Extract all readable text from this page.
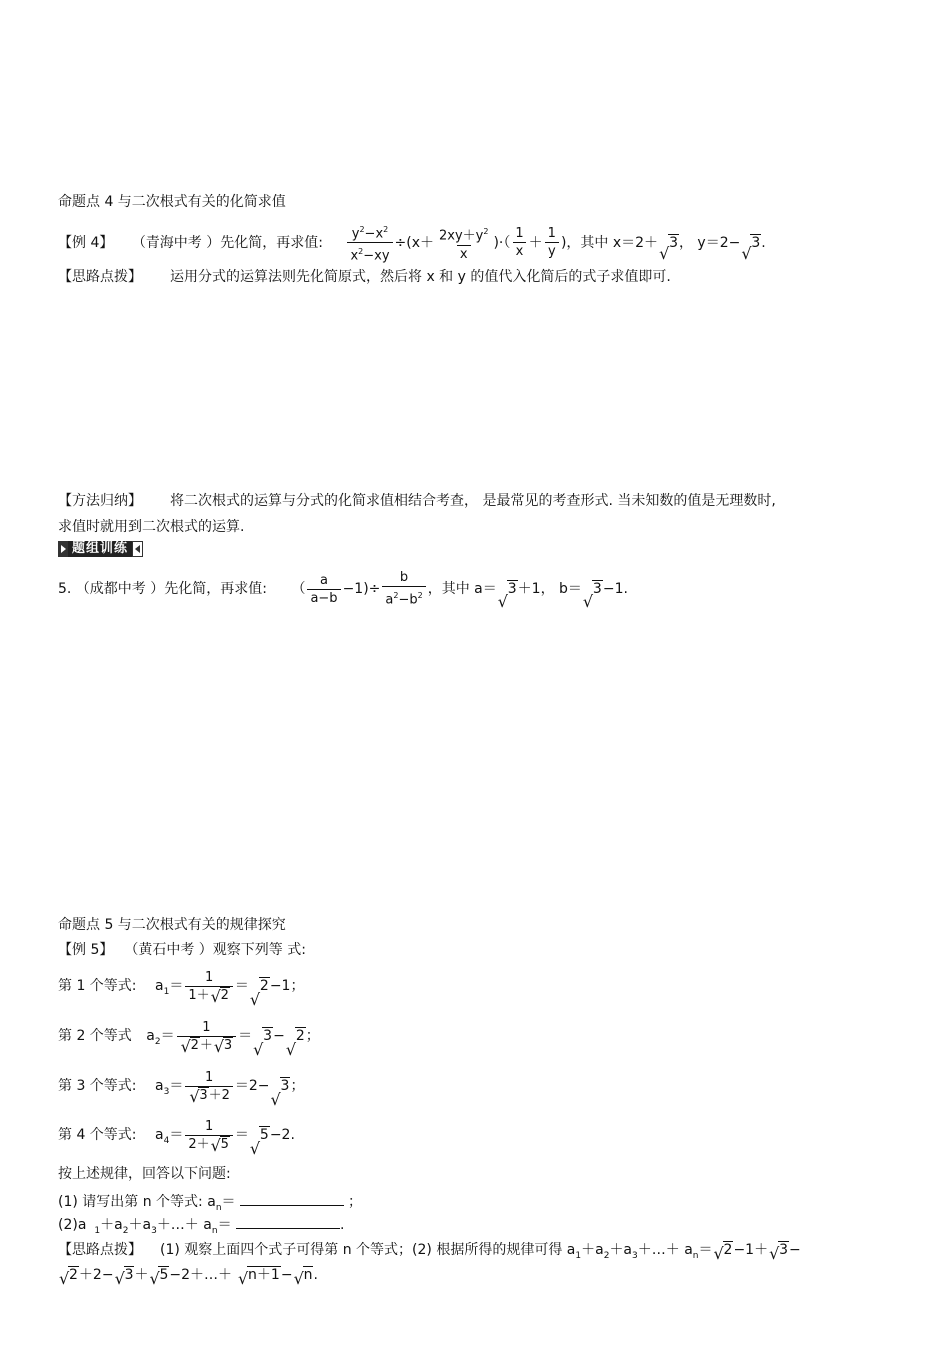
命题点 4 与二次根式有关的化简求值
【例 4】 （青海中考 ）先化简，再求值: $\frac{y^2-x^2}{x^2-xy} \div(x+ \frac{2xy+y^2}{x}$ )·（ $\frac{1}{x} + \frac{1}{y}$ )，其中 x＝2＋
√
3， y＝2−
√
3.
【思路点拨】 运用分式的运算法则先化简原式，然后将 x 和 y 的值代入化简后的式子求值即可.
【方法归纳】 将二次根式的运算与分式的化简求值相结合考查， 是最常见的考查形式. 当未知数的值是无理数时,
求值时就用到二次根式的运算.
题组训练
5. （成都中考 ）先化简，再求值: （ $\frac{a}{a-b} -1)\div \frac{b}{a^2-b^2}$ ，其中 a＝
√
3＋1， b＝
√
3−1.
命题点 5 与二次根式有关的规律探究
【例 5】 （黄石中考 ）观察下列等 式:
第 1 个等式: $a_1= \frac{1}{1+ √ 2}$ ＝
√
2−1；
第 2 个等式 $a_2= \frac{1}{√ 2+ √ 3}$ ＝
√
3−
√
2；
第 3 个等式: $a_3= \frac{1}{√ 3+2} =2-$
√
3；
第 4 个等式: $a_4= \frac{1}{2+ √ 5}$ ＝
√
5−2.
按上述规律，回答以下问题:
(1) 请写出第 n 个等式: $a_n=$	；
(2)a $_1+a_2+a_3+\dots+ a_n=$	.
【思路点拨】 (1) 观察上面四个式子可得第 n 个等式；(2) 根据所得的规律可得 $a_1+a_2+a_3+\dots+ a_n=$ √ 2−1＋ √ 3−
√ 2＋2− √ 3＋ √ 5−2＋…＋ √ n＋1− √ n.
